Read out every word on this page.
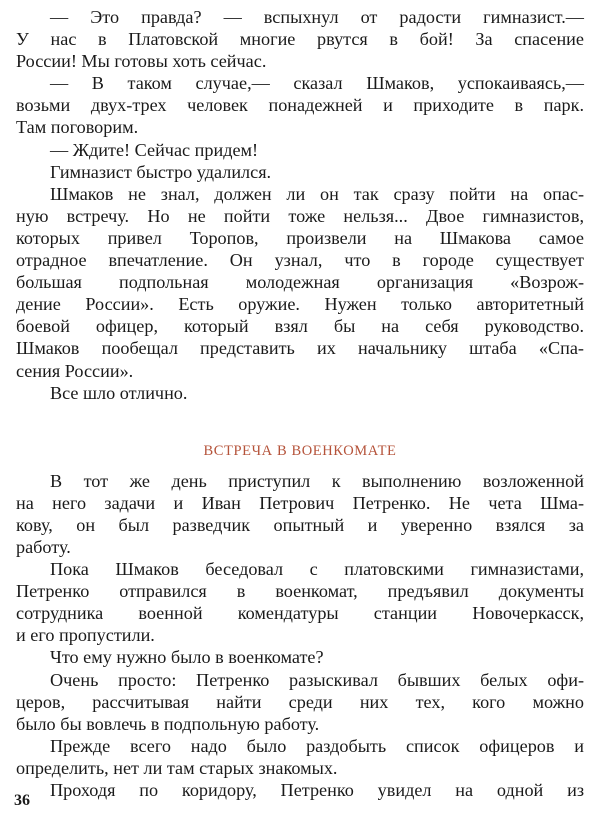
— Это правда? — вспыхнул от радости гимназист.—
У нас в Платовской многие рвутся в бой! За спасение
России! Мы готовы хоть сейчас.
— В таком случае,— сказал Шмаков, успокаиваясь,—
возьми двух-трех человек понадежней и приходите в парк.
Там поговорим.
— Ждите! Сейчас придем!
Гимназист быстро удалился.
Шмаков не знал, должен ли он так сразу пойти на опас-
ную встречу. Но не пойти тоже нельзя... Двое гимназистов,
которых привел Торопов, произвели на Шмакова самое
отрадное впечатление. Он узнал, что в городе существует
большая подпольная молодежная организация «Возрож-
дение России». Есть оружие. Нужен только авторитетный
боевой офицер, который взял бы на себя руководство.
Шмаков пообещал представить их начальнику штаба «Спа-
сения России».
Все шло отлично.
ВСТРЕЧА В ВОЕНКОМАТЕ
В тот же день приступил к выполнению возложенной
на него задачи и Иван Петрович Петренко. Не чета Шма-
кову, он был разведчик опытный и уверенно взялся за
работу.
Пока Шмаков беседовал с платовскими гимназистами,
Петренко отправился в военкомат, предъявил документы
сотрудника военной комендатуры станции Новочеркасск,
и его пропустили.
Что ему нужно было в военкомате?
Очень просто: Петренко разыскивал бывших белых офи-
церов, рассчитывая найти среди них тех, кого можно
было бы вовлечь в подпольную работу.
Прежде всего надо было раздобыть список офицеров и
определить, нет ли там старых знакомых.
Проходя по коридору, Петренко увидел на одной из
36
